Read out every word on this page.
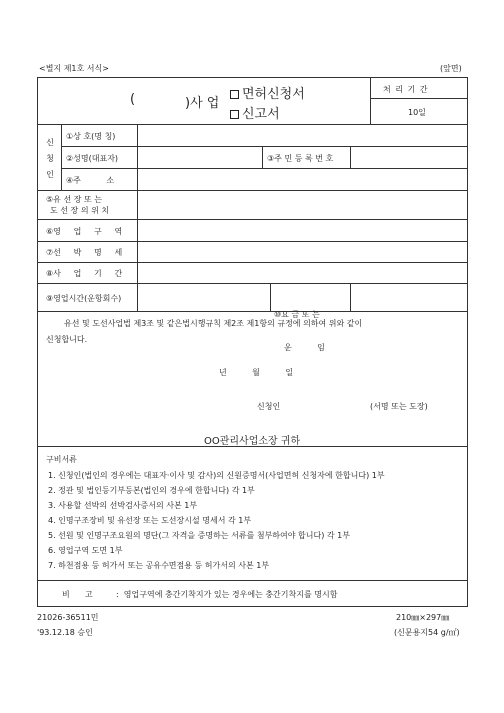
<별지 제1호 서식>	(앞면)
(	)사 업
면허신청서
신고서
처 리 기 간
10일
신청인
①상 호(명 칭)
②성명(대표자)	③주 민 등 록 번 호
④주          소
⑤유 선 장 또 는
도 선 장 의 위 치
⑥영     업     구     역
⑦선     박     명     세
⑧사     업     기     간
⑨영업시간(운항회수)

⑩요 금 또 는

운          임

유선 및 도선사업법 제3조 및 같은법시행규칙 제2조 제1항의 규정에 의하여 위와 같이
신청합니다.
년          월          일
신청인	(서명 또는 도장)
OO관리사업소장 귀하
구비서류
1. 신청인(법인의 경우에는 대표자·이사 및 감사)의 신원증명서(사업면허 신청자에 한합니다) 1부
2. 정관 및 법인등기부등본(법인의 경우에 한합니다) 각 1부
3. 사용할 선박의 선박검사증서의 사본 1부
4. 인명구조장비 및 유선장 또는 도선장시설 명세서 각 1부
5. 선원 및 인명구조요원의 명단(그 자격을 증명하는 서류를 첨부하여야 합니다) 각 1부
6. 영업구역 도면 1부
7. 하천점용 등 허가서 또는 공유수면점용 등 허가서의 사본 1부
비      고	:  영업구역에 충간기착지가 있는 경우에는 충간기착지를 명시함
21026-36511민	210㎜×297㎜
'93.12.18 승인	(신문용지54 g/㎡)
